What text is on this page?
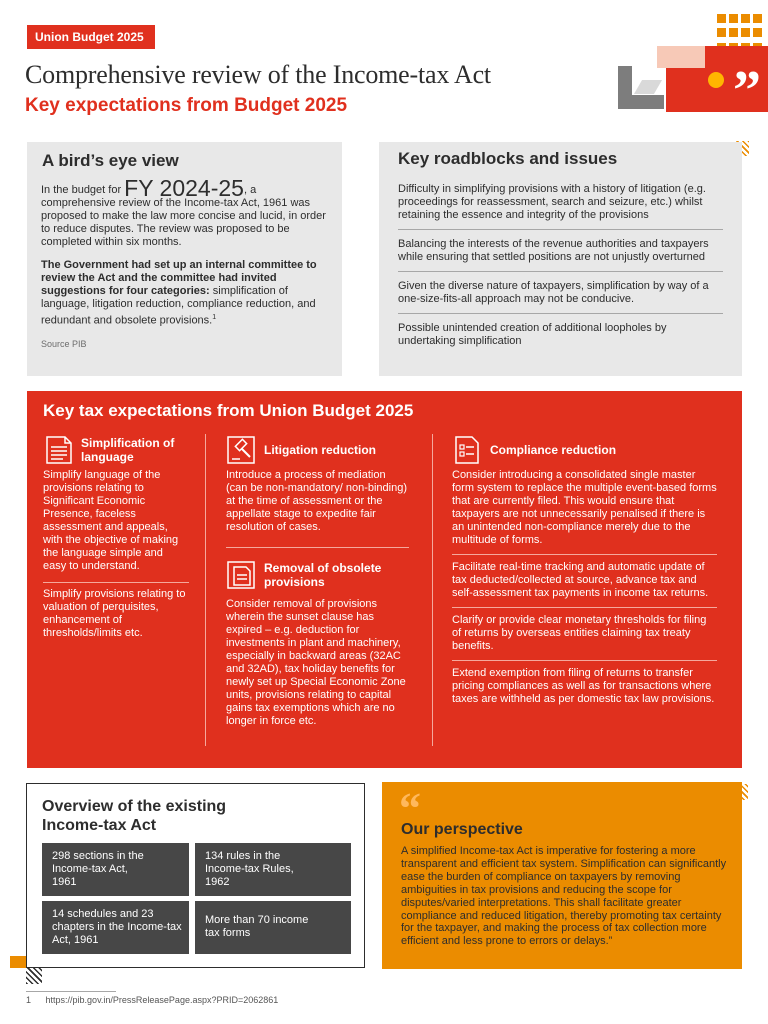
Union Budget 2025
Comprehensive review of the Income-tax Act
Key expectations from Budget 2025	”
A bird’s eye view
In the budget for FY 2024-25, a comprehensive review of the Income-tax Act, 1961 was proposed to make the law more concise and lucid, in order to reduce disputes. The review was proposed to be completed within six months.
The Government had set up an internal committee to review the Act and the committee had invited suggestions for four categories: simplification of language, litigation reduction, compliance reduction, and redundant and obsolete provisions.$^1$
Source PIB
Key roadblocks and issues
Difficulty in simplifying provisions with a history of litigation (e.g. proceedings for reassessment, search and seizure, etc.) whilst retaining the essence and integrity of the provisions
Balancing the interests of the revenue authorities and taxpayers while ensuring that settled positions are not unjustly overturned
Given the diverse nature of taxpayers, simplification by way of a one-size-fits-all approach may not be conducive.
Possible unintended creation of additional loopholes by undertaking simplification
Key tax expectations from Union Budget 2025
Simplification of language
Simplify language of the provisions relating to Significant Economic Presence, faceless assessment and appeals, with the objective of making the language simple and easy to understand.
Simplify provisions relating to valuation of perquisites, enhancement of thresholds/limits etc.
Litigation reduction
Introduce a process of mediation (can be non-mandatory/ non-binding) at the time of assessment or the appellate stage to expedite fair resolution of cases.
Removal of obsolete provisions
Consider removal of provisions wherein the sunset clause has expired – e.g. deduction for investments in plant and machinery, especially in backward areas (32AC and 32AD), tax holiday benefits for newly set up Special Economic Zone units, provisions relating to capital gains tax exemptions which are no longer in force etc.
Compliance reduction
Consider introducing a consolidated single master form system to replace the multiple event-based forms that are currently filed. This would ensure that taxpayers are not unnecessarily penalised if there is an unintended non-compliance merely due to the multitude of forms.
Facilitate real-time tracking and automatic update of tax deducted/collected at source, advance tax and self-assessment tax payments in income tax returns.
Clarify or provide clear monetary thresholds for filing of returns by overseas entities claiming tax treaty benefits.
Extend exemption from filing of returns to transfer pricing compliances as well as for transactions where taxes are withheld as per domestic tax law provisions.
Overview of the existing Income-tax Act
298 sections in the Income-tax Act, 1961
134 rules in the Income-tax Rules, 1962
14 schedules and 23 chapters in the Income-tax Act, 1961
More than 70 income tax forms
“
Our perspective
A simplified Income-tax Act is imperative for fostering a more transparent and efficient tax system. Simplification can significantly ease the burden of compliance on taxpayers by removing ambiguities in tax provisions and reducing the scope for disputes/varied interpretations. This shall facilitate greater compliance and reduced litigation, thereby promoting tax certainty for the taxpayer, and making the process of tax collection more efficient and less prone to errors or delays.”
1 https://pib.gov.in/PressReleasePage.aspx?PRID=2062861
